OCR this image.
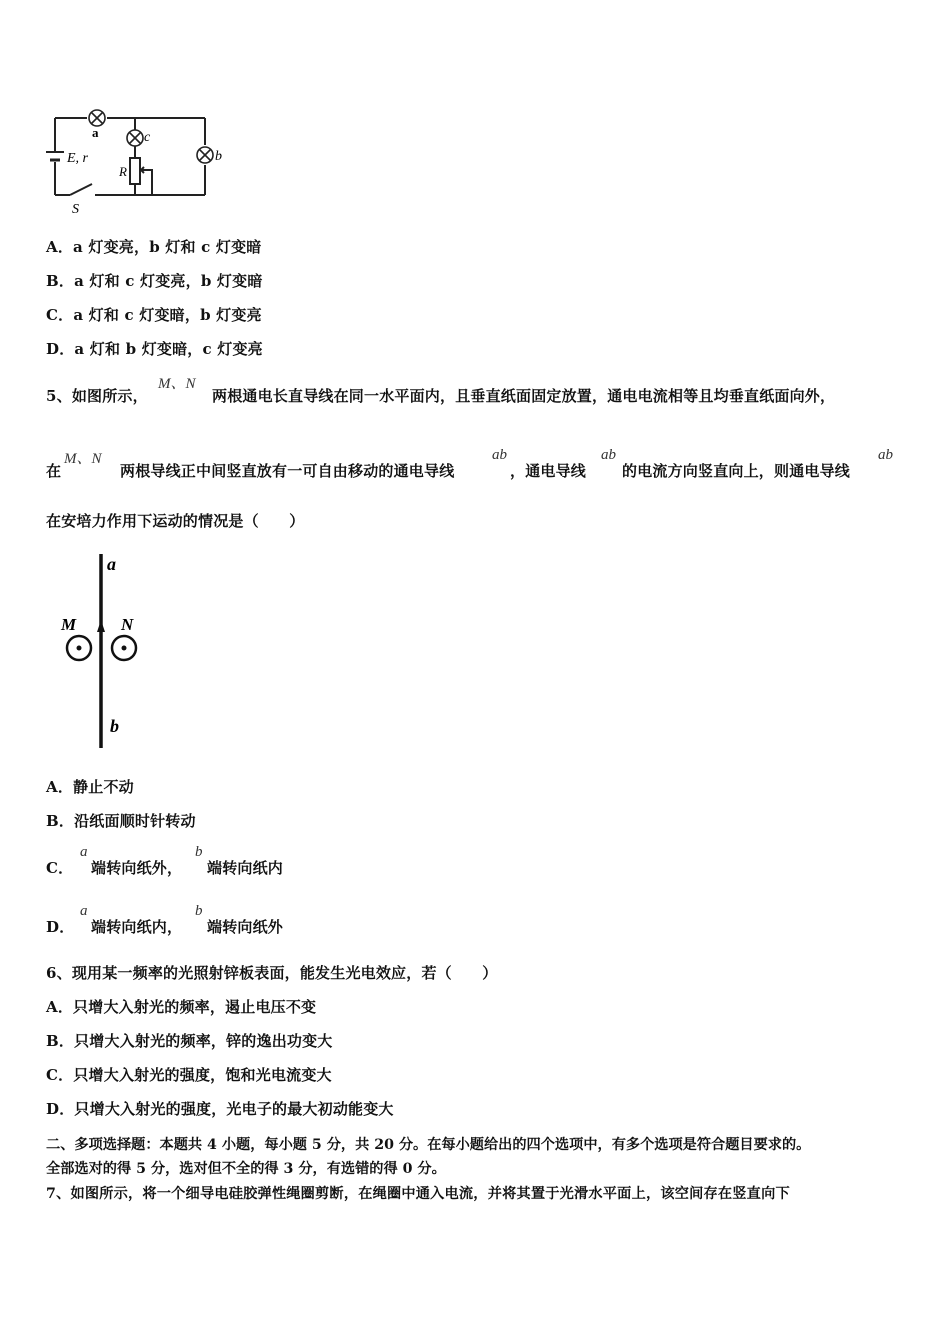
a	c
b
E, r
R
S
A．a 灯变亮，b 灯和 c 灯变暗
B．a 灯和 c 灯变亮，b 灯变暗
C．a 灯和 c 灯变暗，b 灯变亮
D．a 灯和 b 灯变暗，c 灯变亮
5、如图所示，
M、N
两根通电长直导线在同一水平面内，且垂直纸面固定放置，通电电流相等且均垂直纸面向外，
在
M、N
两根导线正中间竖直放有一可自由移动的通电导线
ab
，通电导线
ab
的电流方向竖直向上，则通电导线
ab
在安培力作用下运动的情况是（　　）
a
M	N
b
A．静止不动
B．沿纸面顺时针转动
C．
a
端转向纸外，
b
端转向纸内
D．
a
端转向纸内，
b
端转向纸外
6、现用某一频率的光照射锌板表面，能发生光电效应，若（　　）
A．只增大入射光的频率，遏止电压不变
B．只增大入射光的频率，锌的逸出功变大
C．只增大入射光的强度，饱和光电流变大
D．只增大入射光的强度，光电子的最大初动能变大
二、多项选择题：本题共 4 小题，每小题 5 分，共 20 分。在每小题给出的四个选项中，有多个选项是符合题目要求的。
全部选对的得 5 分，选对但不全的得 3 分，有选错的得 0 分。
7、如图所示，将一个细导电硅胶弹性绳圈剪断，在绳圈中通入电流，并将其置于光滑水平面上，该空间存在竖直向下
